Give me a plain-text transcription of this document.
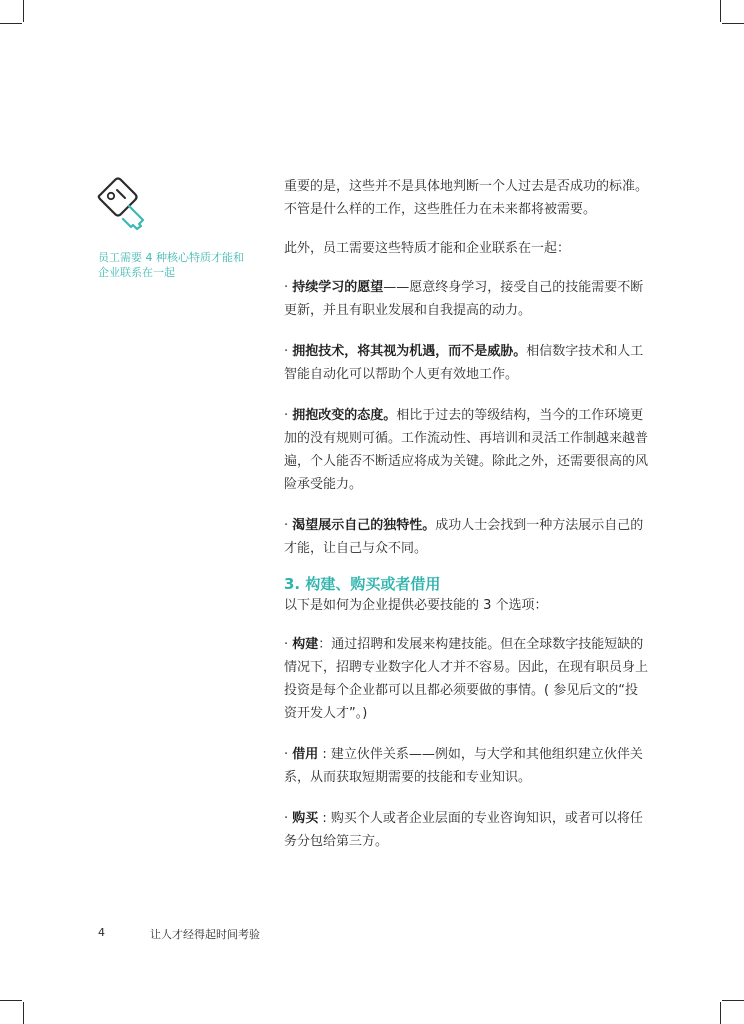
员工需要 4 种核心特质才能和企业联系在一起

重要的是，这些并不是具体地判断一个人过去是否成功的标准。不管是什么样的工作，这些胜任力在未来都将被需要。

此外，员工需要这些特质才能和企业联系在一起：

· 持续学习的愿望——愿意终身学习，接受自己的技能需要不断更新，并且有职业发展和自我提高的动力。

· 拥抱技术，将其视为机遇，而不是威胁。相信数字技术和人工智能自动化可以帮助个人更有效地工作。

· 拥抱改变的态度。相比于过去的等级结构，当今的工作环境更加的没有规则可循。工作流动性、再培训和灵活工作制越来越普遍，个人能否不断适应将成为关键。除此之外，还需要很高的风险承受能力。

· 渴望展示自己的独特性。成功人士会找到一种方法展示自己的才能，让自己与众不同。

3. 构建、购买或者借用

以下是如何为企业提供必要技能的 3 个选项：

· 构建：通过招聘和发展来构建技能。但在全球数字技能短缺的情况下，招聘专业数字化人才并不容易。因此，在现有职员身上投资是每个企业都可以且都必须要做的事情。( 参见后文的“投资开发人才”。)

· 借用 : 建立伙伴关系——例如，与大学和其他组织建立伙伴关系，从而获取短期需要的技能和专业知识。

· 购买 : 购买个人或者企业层面的专业咨询知识，或者可以将任务分包给第三方。

4	让人才经得起时间考验
